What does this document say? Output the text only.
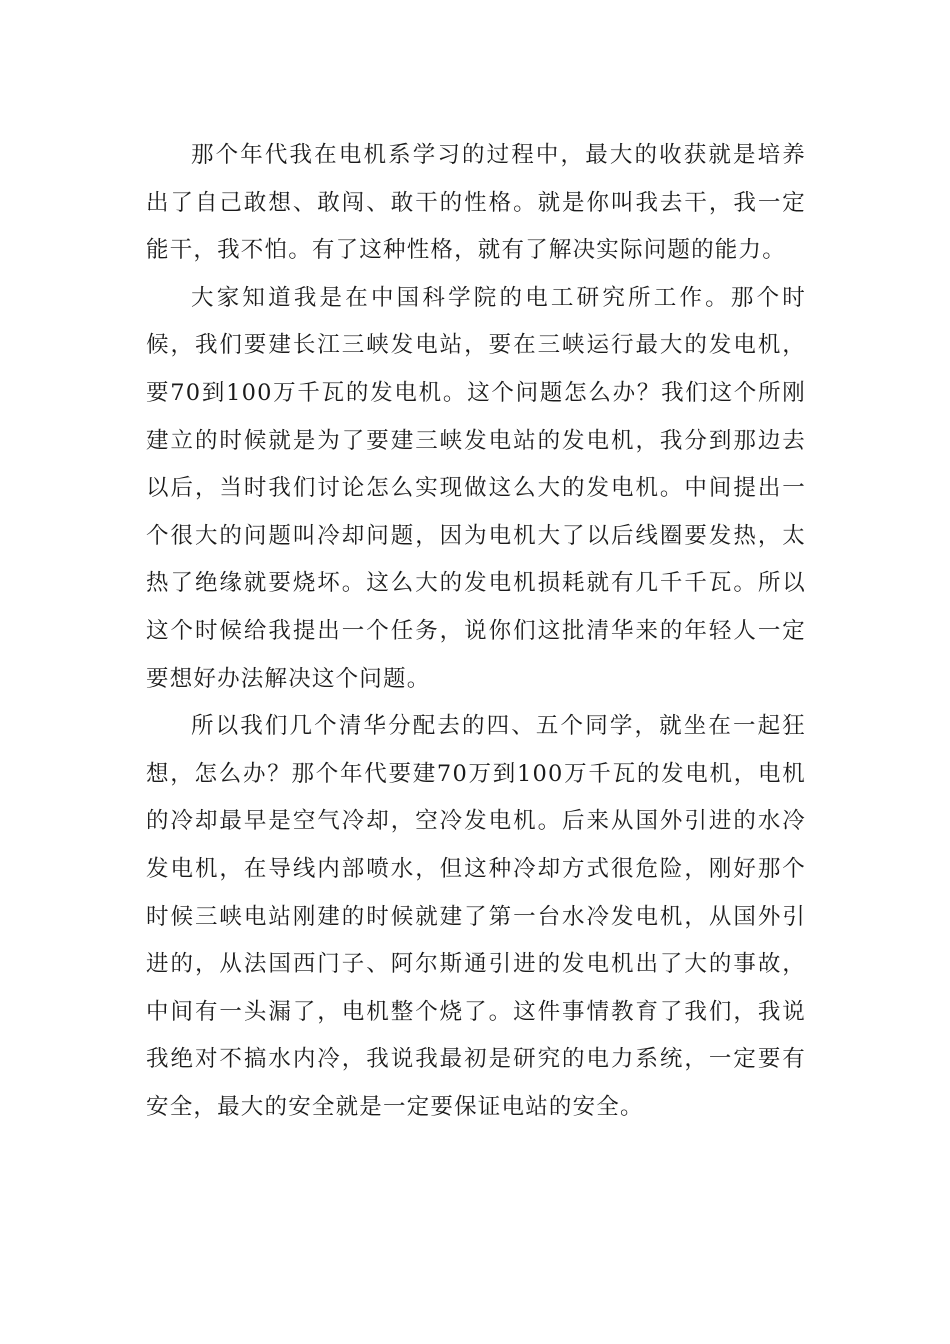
那个年代我在电机系学习的过程中，最大的收获就是培养出了自己敢想、敢闯、敢干的性格。就是你叫我去干，我一定能干，我不怕。有了这种性格，就有了解决实际问题的能力。

大家知道我是在中国科学院的电工研究所工作。那个时候，我们要建长江三峡发电站，要在三峡运行最大的发电机，要70到100万千瓦的发电机。这个问题怎么办？我们这个所刚建立的时候就是为了要建三峡发电站的发电机，我分到那边去以后，当时我们讨论怎么实现做这么大的发电机。中间提出一个很大的问题叫冷却问题，因为电机大了以后线圈要发热，太热了绝缘就要烧坏。这么大的发电机损耗就有几千千瓦。所以这个时候给我提出一个任务，说你们这批清华来的年轻人一定要想好办法解决这个问题。

所以我们几个清华分配去的四、五个同学，就坐在一起狂想，怎么办？那个年代要建70万到100万千瓦的发电机，电机的冷却最早是空气冷却，空冷发电机。后来从国外引进的水冷发电机，在导线内部喷水，但这种冷却方式很危险，刚好那个时候三峡电站刚建的时候就建了第一台水冷发电机，从国外引进的，从法国西门子、阿尔斯通引进的发电机出了大的事故，中间有一头漏了，电机整个烧了。这件事情教育了我们，我说我绝对不搞水内冷，我说我最初是研究的电力系统，一定要有安全，最大的安全就是一定要保证电站的安全。
